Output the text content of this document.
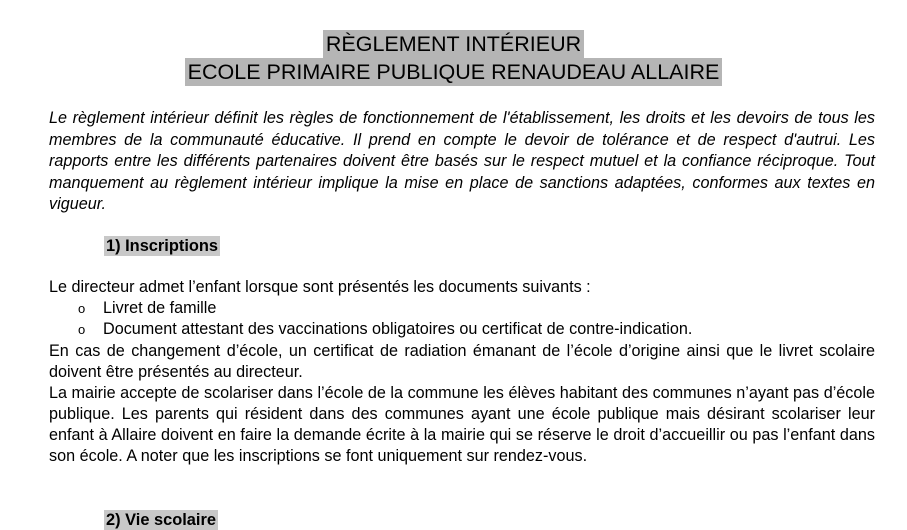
RÈGLEMENT INTÉRIEUR
ECOLE PRIMAIRE PUBLIQUE RENAUDEAU ALLAIRE

Le règlement intérieur définit les règles de fonctionnement de l'établissement, les droits et les devoirs de tous les membres de la communauté éducative. Il prend en compte le devoir de tolérance et de respect d'autrui. Les rapports entre les différents partenaires doivent être basés sur le respect mutuel et la confiance réciproque. Tout manquement au règlement intérieur implique la mise en place de sanctions adaptées, conformes aux textes en vigueur.

1) Inscriptions

Le directeur admet l’enfant lorsque sont présentés les documents suivants :

o Livret de famille
o Document attestant des vaccinations obligatoires ou certificat de contre-indication.

En cas de changement d’école, un certificat de radiation émanant de l’école d’origine ainsi que le livret scolaire doivent être présentés au directeur.

La mairie accepte de scolariser dans l’école de la commune les élèves habitant des communes n’ayant pas d’école publique. Les parents qui résident dans des communes ayant une école publique mais désirant scolariser leur enfant à Allaire doivent en faire la demande écrite à la mairie qui se réserve le droit d’accueillir ou pas l’enfant dans son école. A noter que les inscriptions se font uniquement sur rendez-vous.

2) Vie scolaire
